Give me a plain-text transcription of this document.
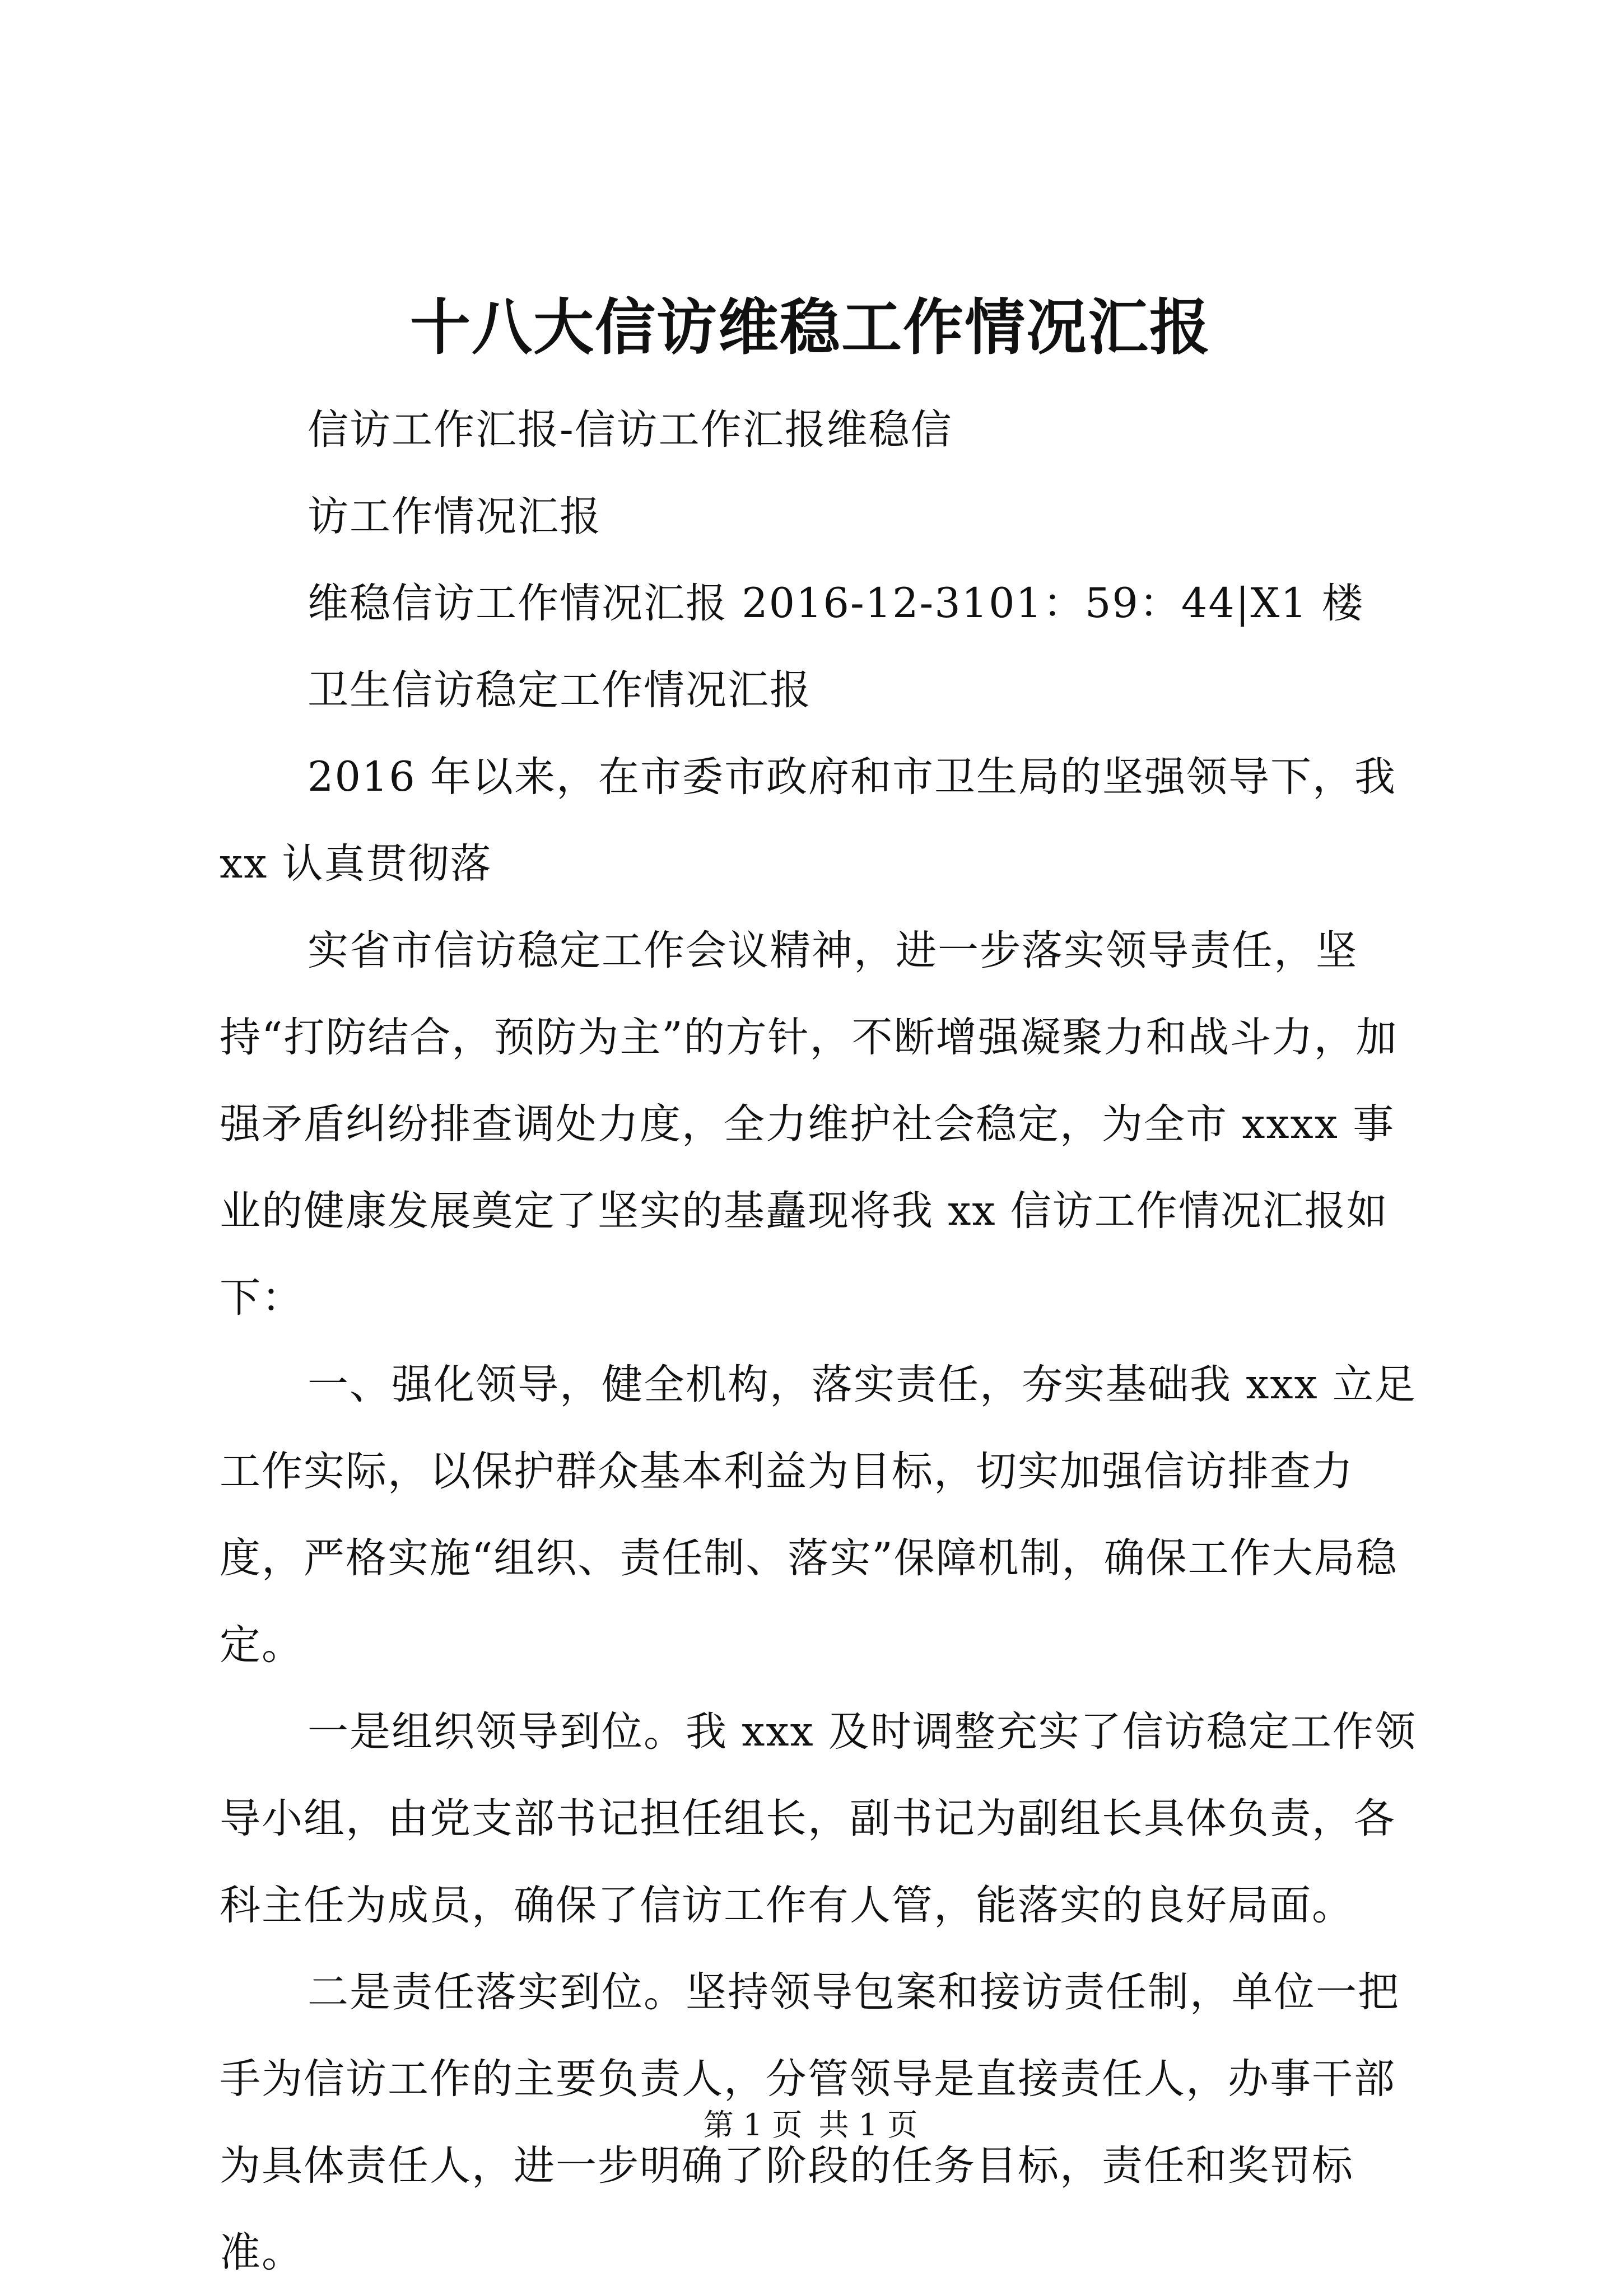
十八大信访维稳工作情况汇报

信访工作汇报-信访工作汇报维稳信

访工作情况汇报

维稳信访工作情况汇报 2016-12-3101：59：44|X1 楼

卫生信访稳定工作情况汇报

2016 年以来，在市委市政府和市卫生局的坚强领导下，我 xx 认真贯彻落

实省市信访稳定工作会议精神，进一步落实领导责任，坚持“打防结合，预防为主”的方针，不断增强凝聚力和战斗力，加强矛盾纠纷排查调处力度，全力维护社会稳定，为全市 xxxx 事业的健康发展奠定了坚实的基矗现将我 xx 信访工作情况汇报如下：

一、强化领导，健全机构，落实责任，夯实基础我 xxx 立足工作实际，以保护群众基本利益为目标，切实加强信访排查力度，严格实施“组织、责任制、落实”保障机制，确保工作大局稳定。

一是组织领导到位。我 xxx 及时调整充实了信访稳定工作领导小组，由党支部书记担任组长，副书记为副组长具体负责，各科主任为成员，确保了信访工作有人管，能落实的良好局面。

二是责任落实到位。坚持领导包案和接访责任制，单位一把手为信访工作的主要负责人，分管领导是直接责任人，办事干部为具体责任人，进一步明确了阶段的任务目标，责任和奖罚标准。

第 1 页 共 1 页
